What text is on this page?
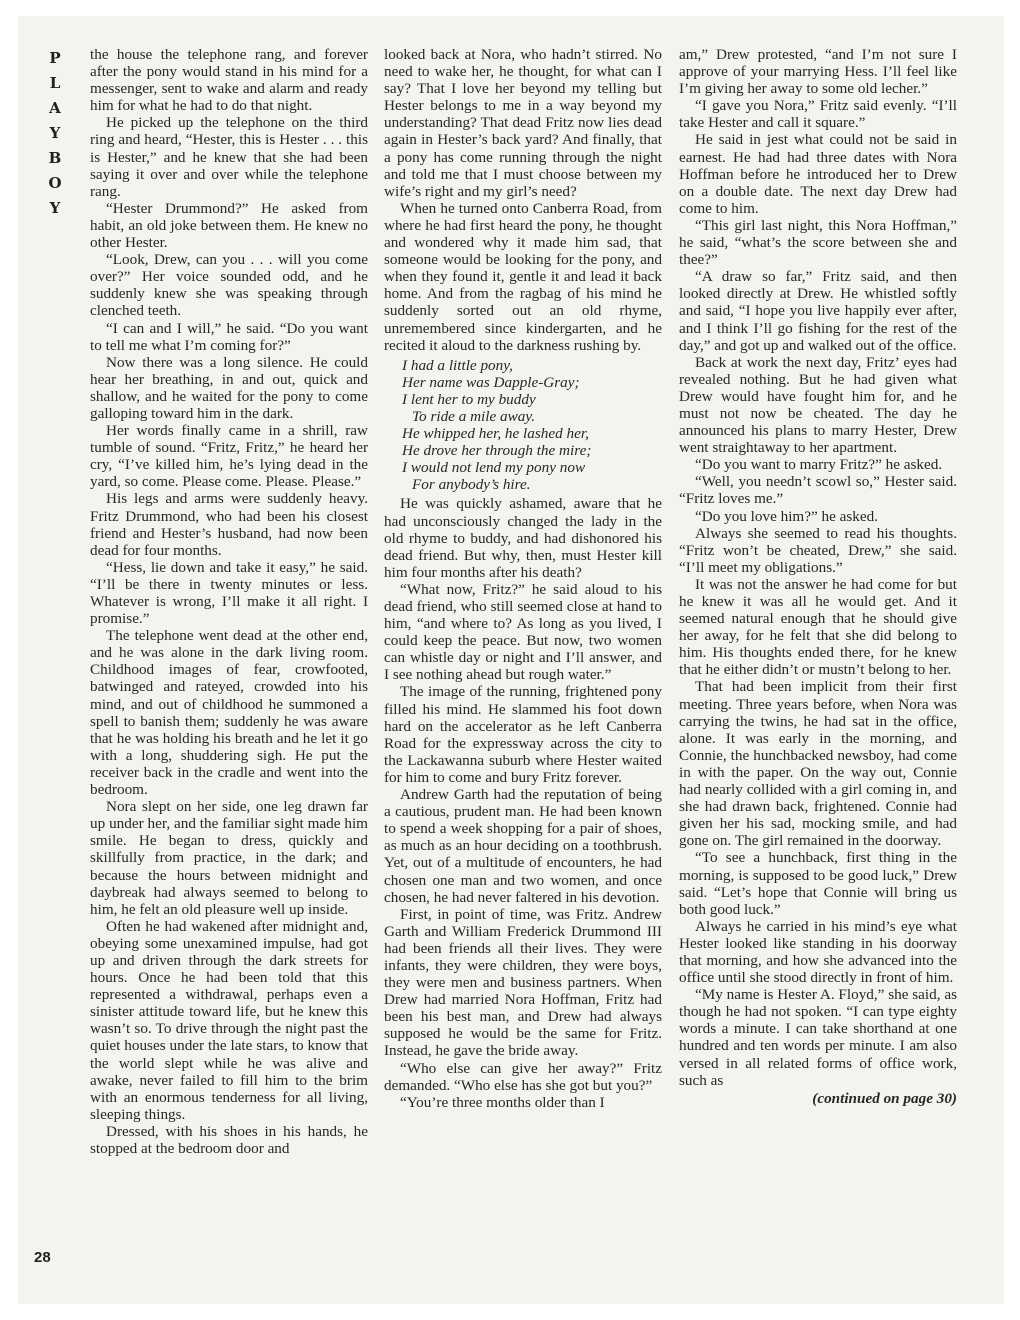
P
L
A
Y
B
O
Y
28

the house the telephone rang, and forever after the pony would stand in his mind for a messenger, sent to wake and alarm and ready him for what he had to do that night.

He picked up the telephone on the third ring and heard, “Hester, this is Hester . . . this is Hester,” and he knew that she had been saying it over and over while the telephone rang.

“Hester Drummond?” He asked from habit, an old joke between them. He knew no other Hester.

“Look, Drew, can you . . . will you come over?” Her voice sounded odd, and he suddenly knew she was speaking through clenched teeth.

“I can and I will,” he said. “Do you want to tell me what I’m coming for?”

Now there was a long silence. He could hear her breathing, in and out, quick and shallow, and he waited for the pony to come galloping toward him in the dark.

Her words finally came in a shrill, raw tumble of sound. “Fritz, Fritz,” he heard her cry, “I’ve killed him, he’s lying dead in the yard, so come. Please come. Please. Please.”

His legs and arms were suddenly heavy. Fritz Drummond, who had been his closest friend and Hester’s husband, had now been dead for four months.

“Hess, lie down and take it easy,” he said. “I’ll be there in twenty minutes or less. Whatever is wrong, I’ll make it all right. I promise.”

The telephone went dead at the other end, and he was alone in the dark living room. Childhood images of fear, crowfooted, batwinged and rateyed, crowded into his mind, and out of childhood he summoned a spell to banish them; suddenly he was aware that he was holding his breath and he let it go with a long, shuddering sigh. He put the receiver back in the cradle and went into the bedroom.

Nora slept on her side, one leg drawn far up under her, and the familiar sight made him smile. He began to dress, quickly and skillfully from practice, in the dark; and because the hours between midnight and daybreak had always seemed to belong to him, he felt an old pleasure well up inside.

Often he had wakened after midnight and, obeying some unexamined impulse, had got up and driven through the dark streets for hours. Once he had been told that this represented a withdrawal, perhaps even a sinister attitude toward life, but he knew this wasn’t so. To drive through the night past the quiet houses under the late stars, to know that the world slept while he was alive and awake, never failed to fill him to the brim with an enormous tenderness for all living, sleeping things.

Dressed, with his shoes in his hands, he stopped at the bedroom door and

looked back at Nora, who hadn’t stirred. No need to wake her, he thought, for what can I say? That I love her beyond my telling but Hester belongs to me in a way beyond my understanding? That dead Fritz now lies dead again in Hester’s back yard? And finally, that a pony has come running through the night and told me that I must choose between my wife’s right and my girl’s need?

When he turned onto Canberra Road, from where he had first heard the pony, he thought and wondered why it made him sad, that someone would be looking for the pony, and when they found it, gentle it and lead it back home. And from the ragbag of his mind he suddenly sorted out an old rhyme, unremembered since kindergarten, and he recited it aloud to the darkness rushing by.

I had a little pony,
Her name was Dapple-Gray;
I lent her to my buddy
To ride a mile away.
He whipped her, he lashed her,
He drove her through the mire;
I would not lend my pony now
For anybody’s hire.

He was quickly ashamed, aware that he had unconsciously changed the lady in the old rhyme to buddy, and had dishonored his dead friend. But why, then, must Hester kill him four months after his death?

“What now, Fritz?” he said aloud to his dead friend, who still seemed close at hand to him, “and where to? As long as you lived, I could keep the peace. But now, two women can whistle day or night and I’ll answer, and I see nothing ahead but rough water.”

The image of the running, frightened pony filled his mind. He slammed his foot down hard on the accelerator as he left Canberra Road for the expressway across the city to the Lackawanna suburb where Hester waited for him to come and bury Fritz forever.

Andrew Garth had the reputation of being a cautious, prudent man. He had been known to spend a week shopping for a pair of shoes, as much as an hour deciding on a toothbrush. Yet, out of a multitude of encounters, he had chosen one man and two women, and once chosen, he had never faltered in his devotion.

First, in point of time, was Fritz. Andrew Garth and William Frederick Drummond III had been friends all their lives. They were infants, they were children, they were boys, they were men and business partners. When Drew had married Nora Hoffman, Fritz had been his best man, and Drew had always supposed he would be the same for Fritz. Instead, he gave the bride away.

“Who else can give her away?” Fritz demanded. “Who else has she got but you?”

“You’re three months older than I

am,” Drew protested, “and I’m not sure I approve of your marrying Hess. I’ll feel like I’m giving her away to some old lecher.”

“I gave you Nora,” Fritz said evenly. “I’ll take Hester and call it square.”

He said in jest what could not be said in earnest. He had had three dates with Nora Hoffman before he introduced her to Drew on a double date. The next day Drew had come to him.

“This girl last night, this Nora Hoffman,” he said, “what’s the score between she and thee?”

“A draw so far,” Fritz said, and then looked directly at Drew. He whistled softly and said, “I hope you live happily ever after, and I think I’ll go fishing for the rest of the day,” and got up and walked out of the office.

Back at work the next day, Fritz’ eyes had revealed nothing. But he had given what Drew would have fought him for, and he must not now be cheated. The day he announced his plans to marry Hester, Drew went straightaway to her apartment.

“Do you want to marry Fritz?” he asked.

“Well, you needn’t scowl so,” Hester said. “Fritz loves me.”

“Do you love him?” he asked.

Always she seemed to read his thoughts. “Fritz won’t be cheated, Drew,” she said. “I’ll meet my obligations.”

It was not the answer he had come for but he knew it was all he would get. And it seemed natural enough that he should give her away, for he felt that she did belong to him. His thoughts ended there, for he knew that he either didn’t or mustn’t belong to her.

That had been implicit from their first meeting. Three years before, when Nora was carrying the twins, he had sat in the office, alone. It was early in the morning, and Connie, the hunchbacked newsboy, had come in with the paper. On the way out, Connie had nearly collided with a girl coming in, and she had drawn back, frightened. Connie had given her his sad, mocking smile, and had gone on. The girl remained in the doorway.

“To see a hunchback, first thing in the morning, is supposed to be good luck,” Drew said. “Let’s hope that Connie will bring us both good luck.”

Always he carried in his mind’s eye what Hester looked like standing in his doorway that morning, and how she advanced into the office until she stood directly in front of him.

“My name is Hester A. Floyd,” she said, as though he had not spoken. “I can type eighty words a minute. I can take shorthand at one hundred and ten words per minute. I am also versed in all related forms of office work, such as

(continued on page 30)
